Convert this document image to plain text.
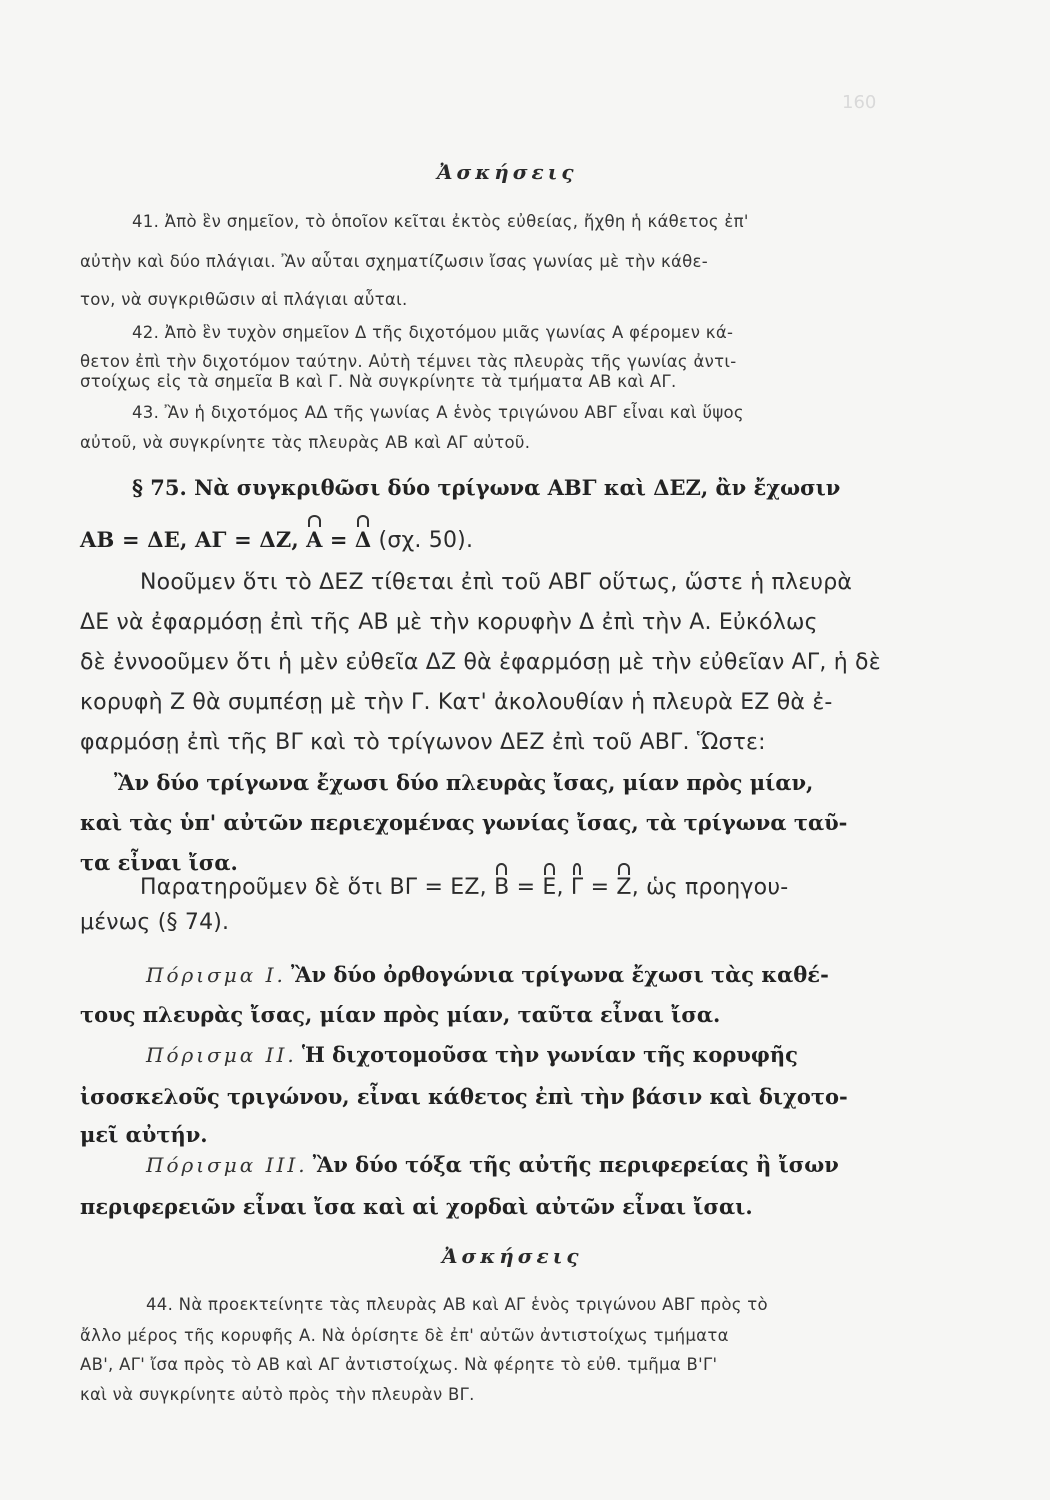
160
Ἀσκήσεις
41. Ἀπὸ ἓν σημεῖον, τὸ ὁποῖον κεῖται ἐκτὸς εὐθείας, ἤχθη ἡ κάθετος ἐπ'
αὐτὴν καὶ δύο πλάγιαι. Ἂν αὗται σχηματίζωσιν ἴσας γωνίας μὲ τὴν κάθε-
τον, νὰ συγκριθῶσιν αἱ πλάγιαι αὗται.
42. Ἀπὸ ἓν τυχὸν σημεῖον Δ τῆς διχοτόμου μιᾶς γωνίας Α φέρομεν κά-
θετον ἐπὶ τὴν διχοτόμον ταύτην. Αὐτὴ τέμνει τὰς πλευρὰς τῆς γωνίας ἀντι-
στοίχως εἰς τὰ σημεῖα Β καὶ Γ. Νὰ συγκρίνητε τὰ τμήματα ΑΒ καὶ ΑΓ.
43. Ἂν ἡ διχοτόμος ΑΔ τῆς γωνίας Α ἑνὸς τριγώνου ΑΒΓ εἶναι καὶ ὕψος
αὐτοῦ, νὰ συγκρίνητε τὰς πλευρὰς ΑΒ καὶ ΑΓ αὐτοῦ.
§ 75. Νὰ συγκριθῶσι δύο τρίγωνα ΑΒΓ καὶ ΔΕΖ, ἂν ἔχωσιν
ΑΒ = ΔΕ, ΑΓ = ΔΖ, Α = Δ (σχ. 50).
Νοοῦμεν ὅτι τὸ ΔΕΖ τίθεται ἐπὶ τοῦ ΑΒΓ οὕτως, ὥστε ἡ πλευρὰ
ΔΕ νὰ ἐφαρμόσῃ ἐπὶ τῆς ΑΒ μὲ τὴν κορυφὴν Δ ἐπὶ τὴν Α. Εὐκόλως
δὲ ἐννοοῦμεν ὅτι ἡ μὲν εὐθεῖα ΔΖ θὰ ἐφαρμόσῃ μὲ τὴν εὐθεῖαν ΑΓ, ἡ δὲ
κορυφὴ Ζ θὰ συμπέσῃ μὲ τὴν Γ. Κατ' ἀκολουθίαν ἡ πλευρὰ ΕΖ θὰ ἐ-
φαρμόσῃ ἐπὶ τῆς ΒΓ καὶ τὸ τρίγωνον ΔΕΖ ἐπὶ τοῦ ΑΒΓ. Ὥστε:
Ἂν δύο τρίγωνα ἔχωσι δύο πλευρὰς ἴσας, μίαν πρὸς μίαν,
καὶ τὰς ὑπ' αὐτῶν περιεχομένας γωνίας ἴσας, τὰ τρίγωνα ταῦ-
τα εἶναι ἴσα.
Παρατηροῦμεν δὲ ὅτι ΒΓ = ΕΖ, Β = Ε, Γ = Ζ, ὡς προηγου-
μένως (§ 74).
Πόρισμα Ι. Ἂν δύο ὀρθογώνια τρίγωνα ἔχωσι τὰς καθέ-
τους πλευρὰς ἴσας, μίαν πρὸς μίαν, ταῦτα εἶναι ἴσα.
Πόρισμα ΙΙ. Ἡ διχοτομοῦσα τὴν γωνίαν τῆς κορυφῆς
ἰσοσκελοῦς τριγώνου, εἶναι κάθετος ἐπὶ τὴν βάσιν καὶ διχοτο-
μεῖ αὐτήν.
Πόρισμα ΙΙΙ. Ἂν δύο τόξα τῆς αὐτῆς περιφερείας ἢ ἴσων
περιφερειῶν εἶναι ἴσα καὶ αἱ χορδαὶ αὐτῶν εἶναι ἴσαι.
Ἀσκήσεις
44. Νὰ προεκτείνητε τὰς πλευρὰς ΑΒ καὶ ΑΓ ἑνὸς τριγώνου ΑΒΓ πρὸς τὸ
ἄλλο μέρος τῆς κορυφῆς Α. Νὰ ὁρίσητε δὲ ἐπ' αὐτῶν ἀντιστοίχως τμήματα
ΑΒ', ΑΓ' ἴσα πρὸς τὸ ΑΒ καὶ ΑΓ ἀντιστοίχως. Νὰ φέρητε τὸ εὐθ. τμῆμα Β'Γ'
καὶ νὰ συγκρίνητε αὐτὸ πρὸς τὴν πλευρὰν ΒΓ.
